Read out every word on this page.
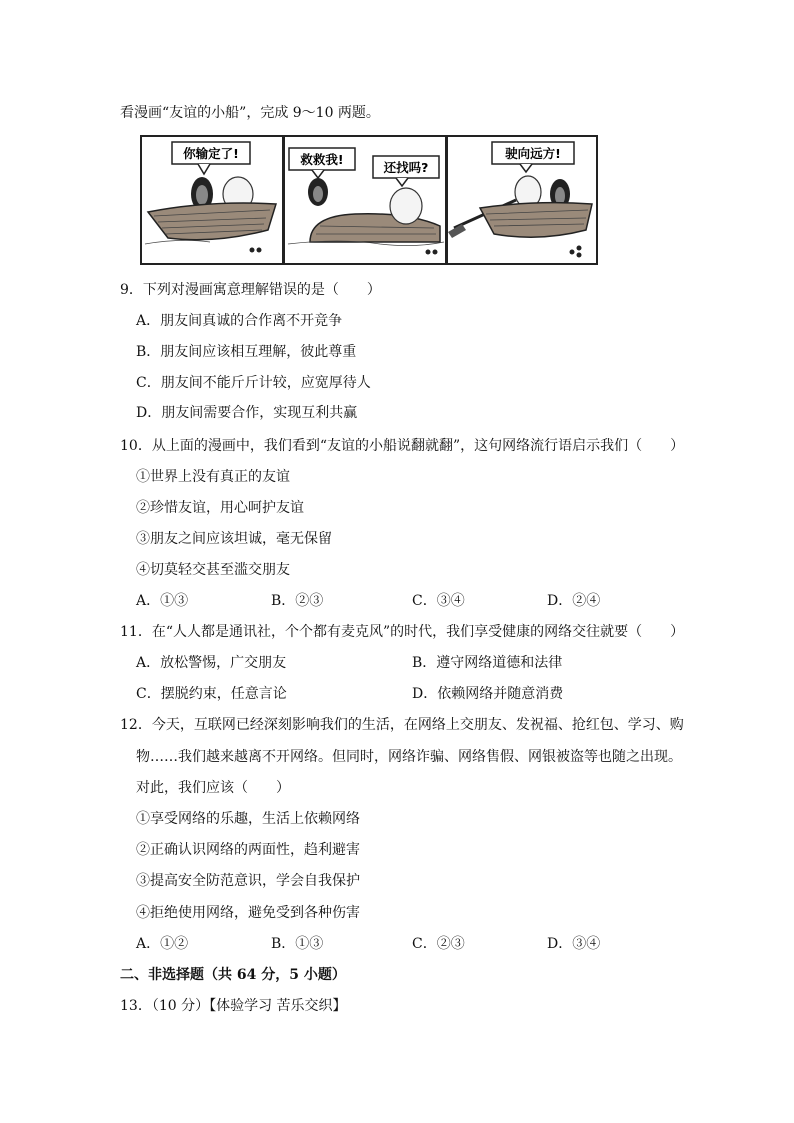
看漫画“友谊的小船”，完成 9～10 两题。
你输定了!	救救我!
还找吗?
驶向远方!
9．下列对漫画寓意理解错误的是（　　）
A．朋友间真诚的合作离不开竞争
B．朋友间应该相互理解，彼此尊重
C．朋友间不能斤斤计较，应宽厚待人
D．朋友间需要合作，实现互利共赢
10．从上面的漫画中，我们看到“友谊的小船说翻就翻”，这句网络流行语启示我们（　　）
①世界上没有真正的友谊
②珍惜友谊，用心呵护友谊
③朋友之间应该坦诚，毫无保留
④切莫轻交甚至滥交朋友
A．①③	B．②③	C．③④	D．②④
11．在“人人都是通讯社，个个都有麦克风”的时代，我们享受健康的网络交往就要（　　）
A．放松警惕，广交朋友	B．遵守网络道德和法律
C．摆脱约束，任意言论	D．依赖网络并随意消费
12．今天，互联网已经深刻影响我们的生活，在网络上交朋友、发祝福、抢红包、学习、购
物……我们越来越离不开网络。但同时，网络诈骗、网络售假、网银被盗等也随之出现。
对此，我们应该（　　）
①享受网络的乐趣，生活上依赖网络
②正确认识网络的两面性，趋利避害
③提高安全防范意识，学会自我保护
④拒绝使用网络，避免受到各种伤害
A．①②	B．①③	C．②③	D．③④
二、非选择题（共 64 分，5 小题）
13．（10 分）【体验学习 苦乐交织】
